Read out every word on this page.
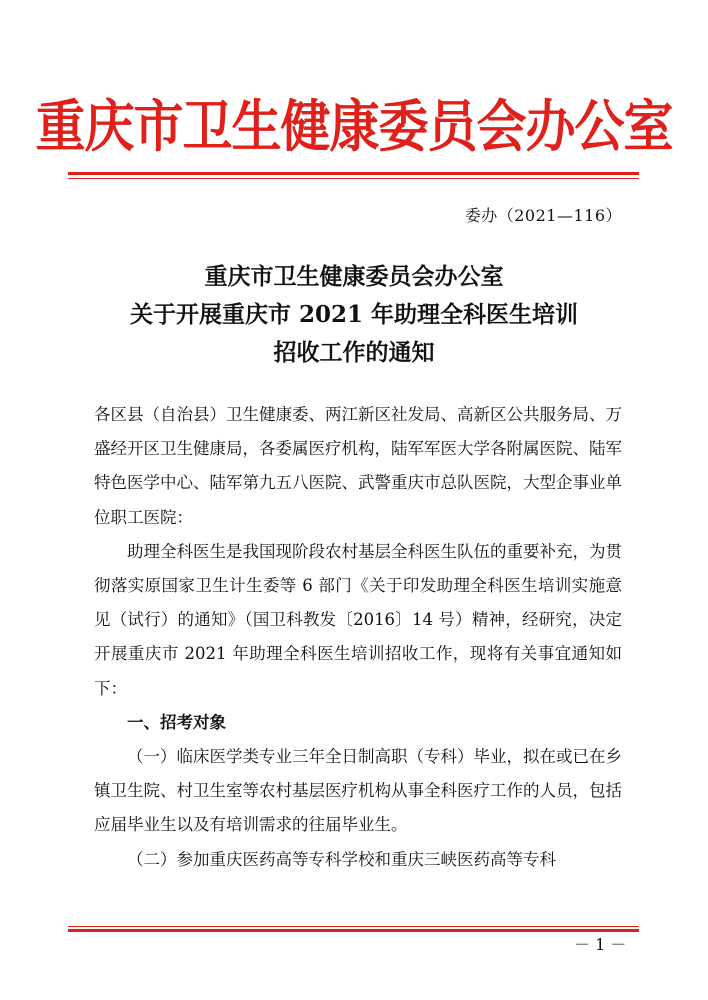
重庆市卫生健康委员会办公室
委办（2021—116）
重庆市卫生健康委员会办公室
关于开展重庆市 2021 年助理全科医生培训
招收工作的通知

各区县（自治县）卫生健康委、两江新区社发局、高新区公共服务局、万盛经开区卫生健康局，各委属医疗机构，陆军军医大学各附属医院、陆军特色医学中心、陆军第九五八医院、武警重庆市总队医院，大型企事业单位职工医院：

助理全科医生是我国现阶段农村基层全科医生队伍的重要补充，为贯彻落实原国家卫生计生委等 6 部门《关于印发助理全科医生培训实施意见（试行）的通知》（国卫科教发〔2016〕14 号）精神，经研究，决定开展重庆市 2021 年助理全科医生培训招收工作，现将有关事宜通知如下：

一、招考对象

（一）临床医学类专业三年全日制高职（专科）毕业，拟在或已在乡镇卫生院、村卫生室等农村基层医疗机构从事全科医疗工作的人员，包括应届毕业生以及有培训需求的往届毕业生。

（二）参加重庆医药高等专科学校和重庆三峡医药高等专科

－ 1 －
